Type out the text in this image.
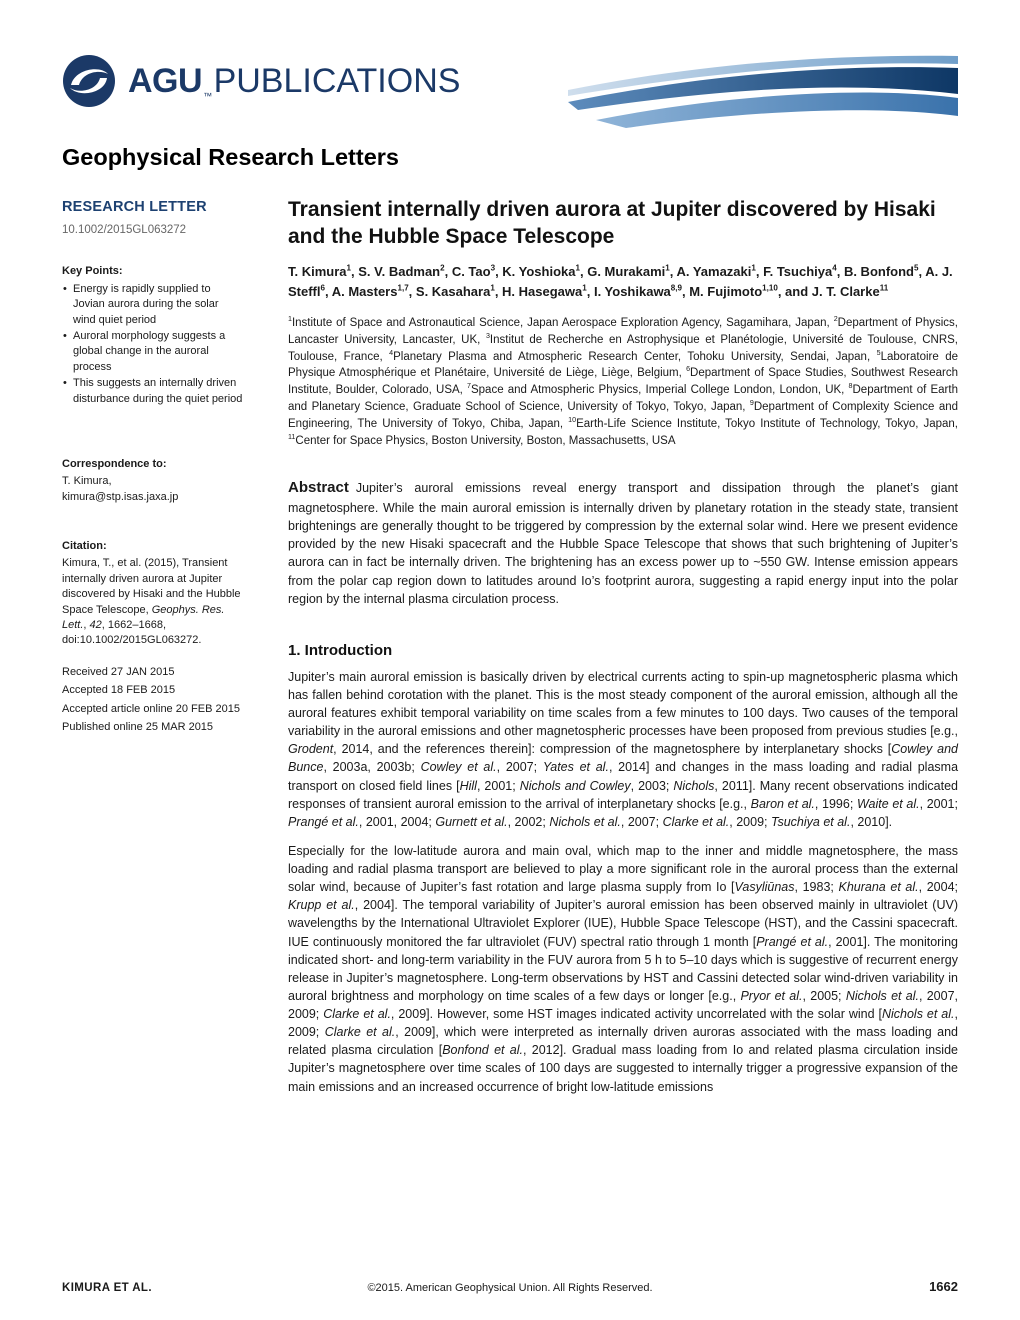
$AGU_™PUBLICATIONS$
Geophysical Research Letters
RESEARCH LETTER
10.1002/2015GL063272
Key Points:
• Energy is rapidly supplied to Jovian aurora during the solar wind quiet period
• Auroral morphology suggests a global change in the auroral process
• This suggests an internally driven disturbance during the quiet period
Correspondence to:
T. Kimura,
kimura@stp.isas.jaxa.jp
Citation:
Kimura, T., et al. (2015), Transient internally driven aurora at Jupiter discovered by Hisaki and the Hubble Space Telescope, Geophys. Res. Lett., 42, 1662–1668, doi:10.1002/2015GL063272.
Received 27 JAN 2015
Accepted 18 FEB 2015
Accepted article online 20 FEB 2015
Published online 25 MAR 2015
Transient internally driven aurora at Jupiter discovered by Hisaki and the Hubble Space Telescope
T. Kimura$^1$, S. V. Badman$^2$, C. Tao$^3$, K. Yoshioka$^1$, G. Murakami$^1$, A. Yamazaki$^1$, F. Tsuchiya$^4$, B. Bonfond$^5$, A. J. Steffl$^6$, A. Masters$^{1,7}$, S. Kasahara$^1$, H. Hasegawa$^1$, I. Yoshikawa$^{8,9}$, M. Fujimoto$^{1,10}$, and J. T. Clarke$^{11}$
$^1$Institute of Space and Astronautical Science, Japan Aerospace Exploration Agency, Sagamihara, Japan, $^2$Department of Physics, Lancaster University, Lancaster, UK, $^3$Institut de Recherche en Astrophysique et Planétologie, Université de Toulouse, CNRS, Toulouse, France, $^4$Planetary Plasma and Atmospheric Research Center, Tohoku University, Sendai, Japan, $^5$Laboratoire de Physique Atmosphérique et Planétaire, Université de Liège, Liège, Belgium, $^6$Department of Space Studies, Southwest Research Institute, Boulder, Colorado, USA, $^7$Space and Atmospheric Physics, Imperial College London, London, UK, $^8$Department of Earth and Planetary Science, Graduate School of Science, University of Tokyo, Tokyo, Japan, $^9$Department of Complexity Science and Engineering, The University of Tokyo, Chiba, Japan, $^{10}$Earth-Life Science Institute, Tokyo Institute of Technology, Tokyo, Japan, $^{11}$Center for Space Physics, Boston University, Boston, Massachusetts, USA

Abstract Jupiter’s auroral emissions reveal energy transport and dissipation through the planet’s giant magnetosphere. While the main auroral emission is internally driven by planetary rotation in the steady state, transient brightenings are generally thought to be triggered by compression by the external solar wind. Here we present evidence provided by the new Hisaki spacecraft and the Hubble Space Telescope that shows that such brightening of Jupiter’s aurora can in fact be internally driven. The brightening has an excess power up to ~550 GW. Intense emission appears from the polar cap region down to latitudes around Io’s footprint aurora, suggesting a rapid energy input into the polar region by the internal plasma circulation process.

1. Introduction

Jupiter’s main auroral emission is basically driven by electrical currents acting to spin-up magnetospheric plasma which has fallen behind corotation with the planet. This is the most steady component of the auroral emission, although all the auroral features exhibit temporal variability on time scales from a few minutes to 100 days. Two causes of the temporal variability in the auroral emissions and other magnetospheric processes have been proposed from previous studies [e.g., Grodent, 2014, and the references therein]: compression of the magnetosphere by interplanetary shocks [Cowley and Bunce, 2003a, 2003b; Cowley et al., 2007; Yates et al., 2014] and changes in the mass loading and radial plasma transport on closed field lines [Hill, 2001; Nichols and Cowley, 2003; Nichols, 2011]. Many recent observations indicated responses of transient auroral emission to the arrival of interplanetary shocks [e.g., Baron et al., 1996; Waite et al., 2001; Prangé et al., 2001, 2004; Gurnett et al., 2002; Nichols et al., 2007; Clarke et al., 2009; Tsuchiya et al., 2010].

Especially for the low-latitude aurora and main oval, which map to the inner and middle magnetosphere, the mass loading and radial plasma transport are believed to play a more significant role in the auroral process than the external solar wind, because of Jupiter’s fast rotation and large plasma supply from Io [Vasyliūnas, 1983; Khurana et al., 2004; Krupp et al., 2004]. The temporal variability of Jupiter’s auroral emission has been observed mainly in ultraviolet (UV) wavelengths by the International Ultraviolet Explorer (IUE), Hubble Space Telescope (HST), and the Cassini spacecraft. IUE continuously monitored the far ultraviolet (FUV) spectral ratio through 1 month [Prangé et al., 2001]. The monitoring indicated short- and long-term variability in the FUV aurora from 5 h to 5–10 days which is suggestive of recurrent energy release in Jupiter’s magnetosphere. Long-term observations by HST and Cassini detected solar wind-driven variability in auroral brightness and morphology on time scales of a few days or longer [e.g., Pryor et al., 2005; Nichols et al., 2007, 2009; Clarke et al., 2009]. However, some HST images indicated activity uncorrelated with the solar wind [Nichols et al., 2009; Clarke et al., 2009], which were interpreted as internally driven auroras associated with the mass loading and related plasma circulation [Bonfond et al., 2012]. Gradual mass loading from Io and related plasma circulation inside Jupiter’s magnetosphere over time scales of 100 days are suggested to internally trigger a progressive expansion of the main emissions and an increased occurrence of bright low-latitude emissions

KIMURA ET AL.	©2015. American Geophysical Union. All Rights Reserved.	1662
